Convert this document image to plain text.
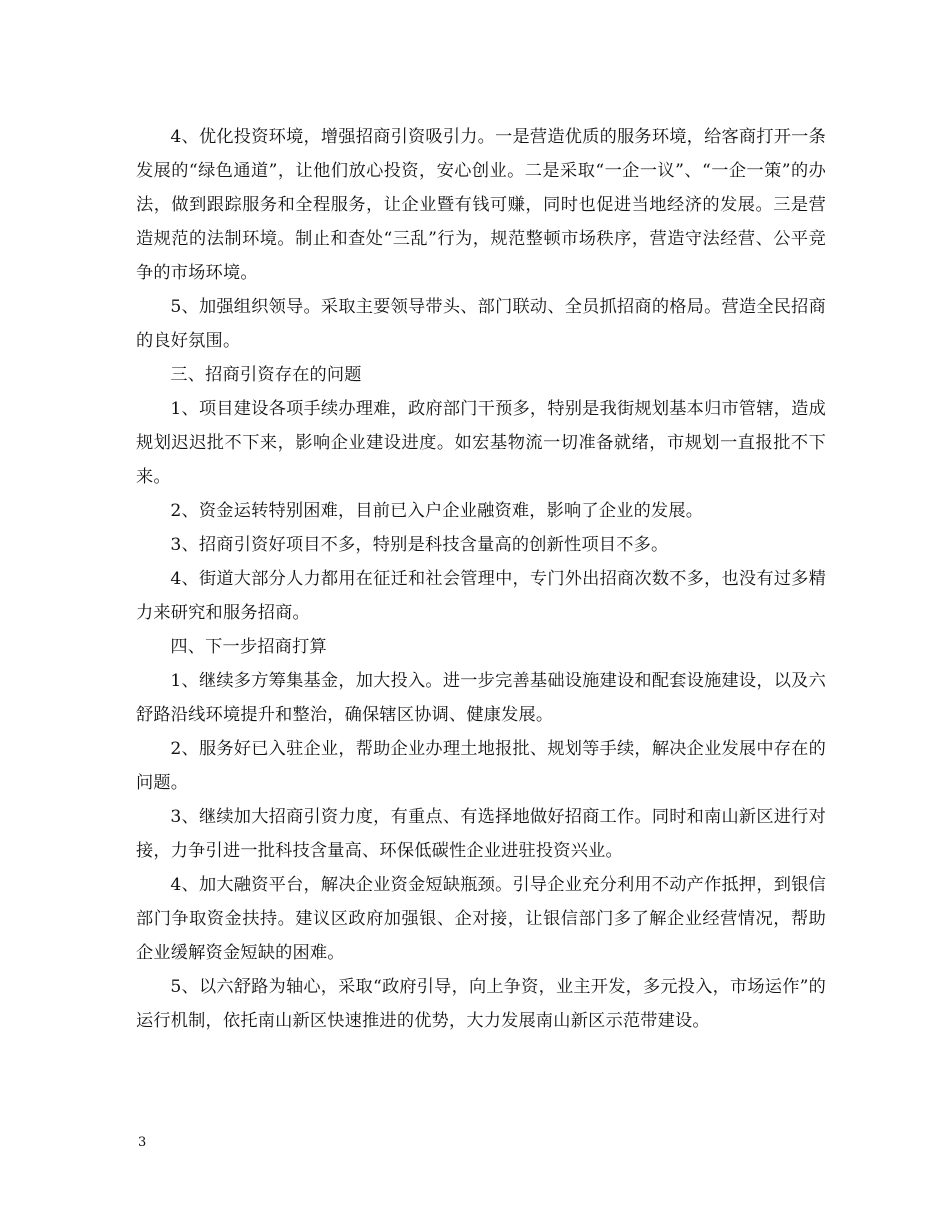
4、优化投资环境，增强招商引资吸引力。一是营造优质的服务环境，给客商打开一条发展的“绿色通道”，让他们放心投资，安心创业。二是采取“一企一议”、“一企一策”的办法，做到跟踪服务和全程服务，让企业暨有钱可赚，同时也促进当地经济的发展。三是营造规范的法制环境。制止和查处“三乱”行为，规范整顿市场秩序，营造守法经营、公平竞争的市场环境。

5、加强组织领导。采取主要领导带头、部门联动、全员抓招商的格局。营造全民招商的良好氛围。

三、招商引资存在的问题

1、项目建设各项手续办理难，政府部门干预多，特别是我街规划基本归市管辖，造成规划迟迟批不下来，影响企业建设进度。如宏基物流一切准备就绪，市规划一直报批不下来。

2、资金运转特别困难，目前已入户企业融资难，影响了企业的发展。

3、招商引资好项目不多，特别是科技含量高的创新性项目不多。

4、街道大部分人力都用在征迁和社会管理中，专门外出招商次数不多，也没有过多精力来研究和服务招商。

四、下一步招商打算

1、继续多方筹集基金，加大投入。进一步完善基础设施建设和配套设施建设，以及六舒路沿线环境提升和整治，确保辖区协调、健康发展。

2、服务好已入驻企业，帮助企业办理土地报批、规划等手续，解决企业发展中存在的问题。

3、继续加大招商引资力度，有重点、有选择地做好招商工作。同时和南山新区进行对接，力争引进一批科技含量高、环保低碳性企业进驻投资兴业。

4、加大融资平台，解决企业资金短缺瓶颈。引导企业充分利用不动产作抵押，到银信部门争取资金扶持。建议区政府加强银、企对接，让银信部门多了解企业经营情况，帮助企业缓解资金短缺的困难。

5、以六舒路为轴心，采取“政府引导，向上争资，业主开发，多元投入，市场运作”的运行机制，依托南山新区快速推进的优势，大力发展南山新区示范带建设。

3
